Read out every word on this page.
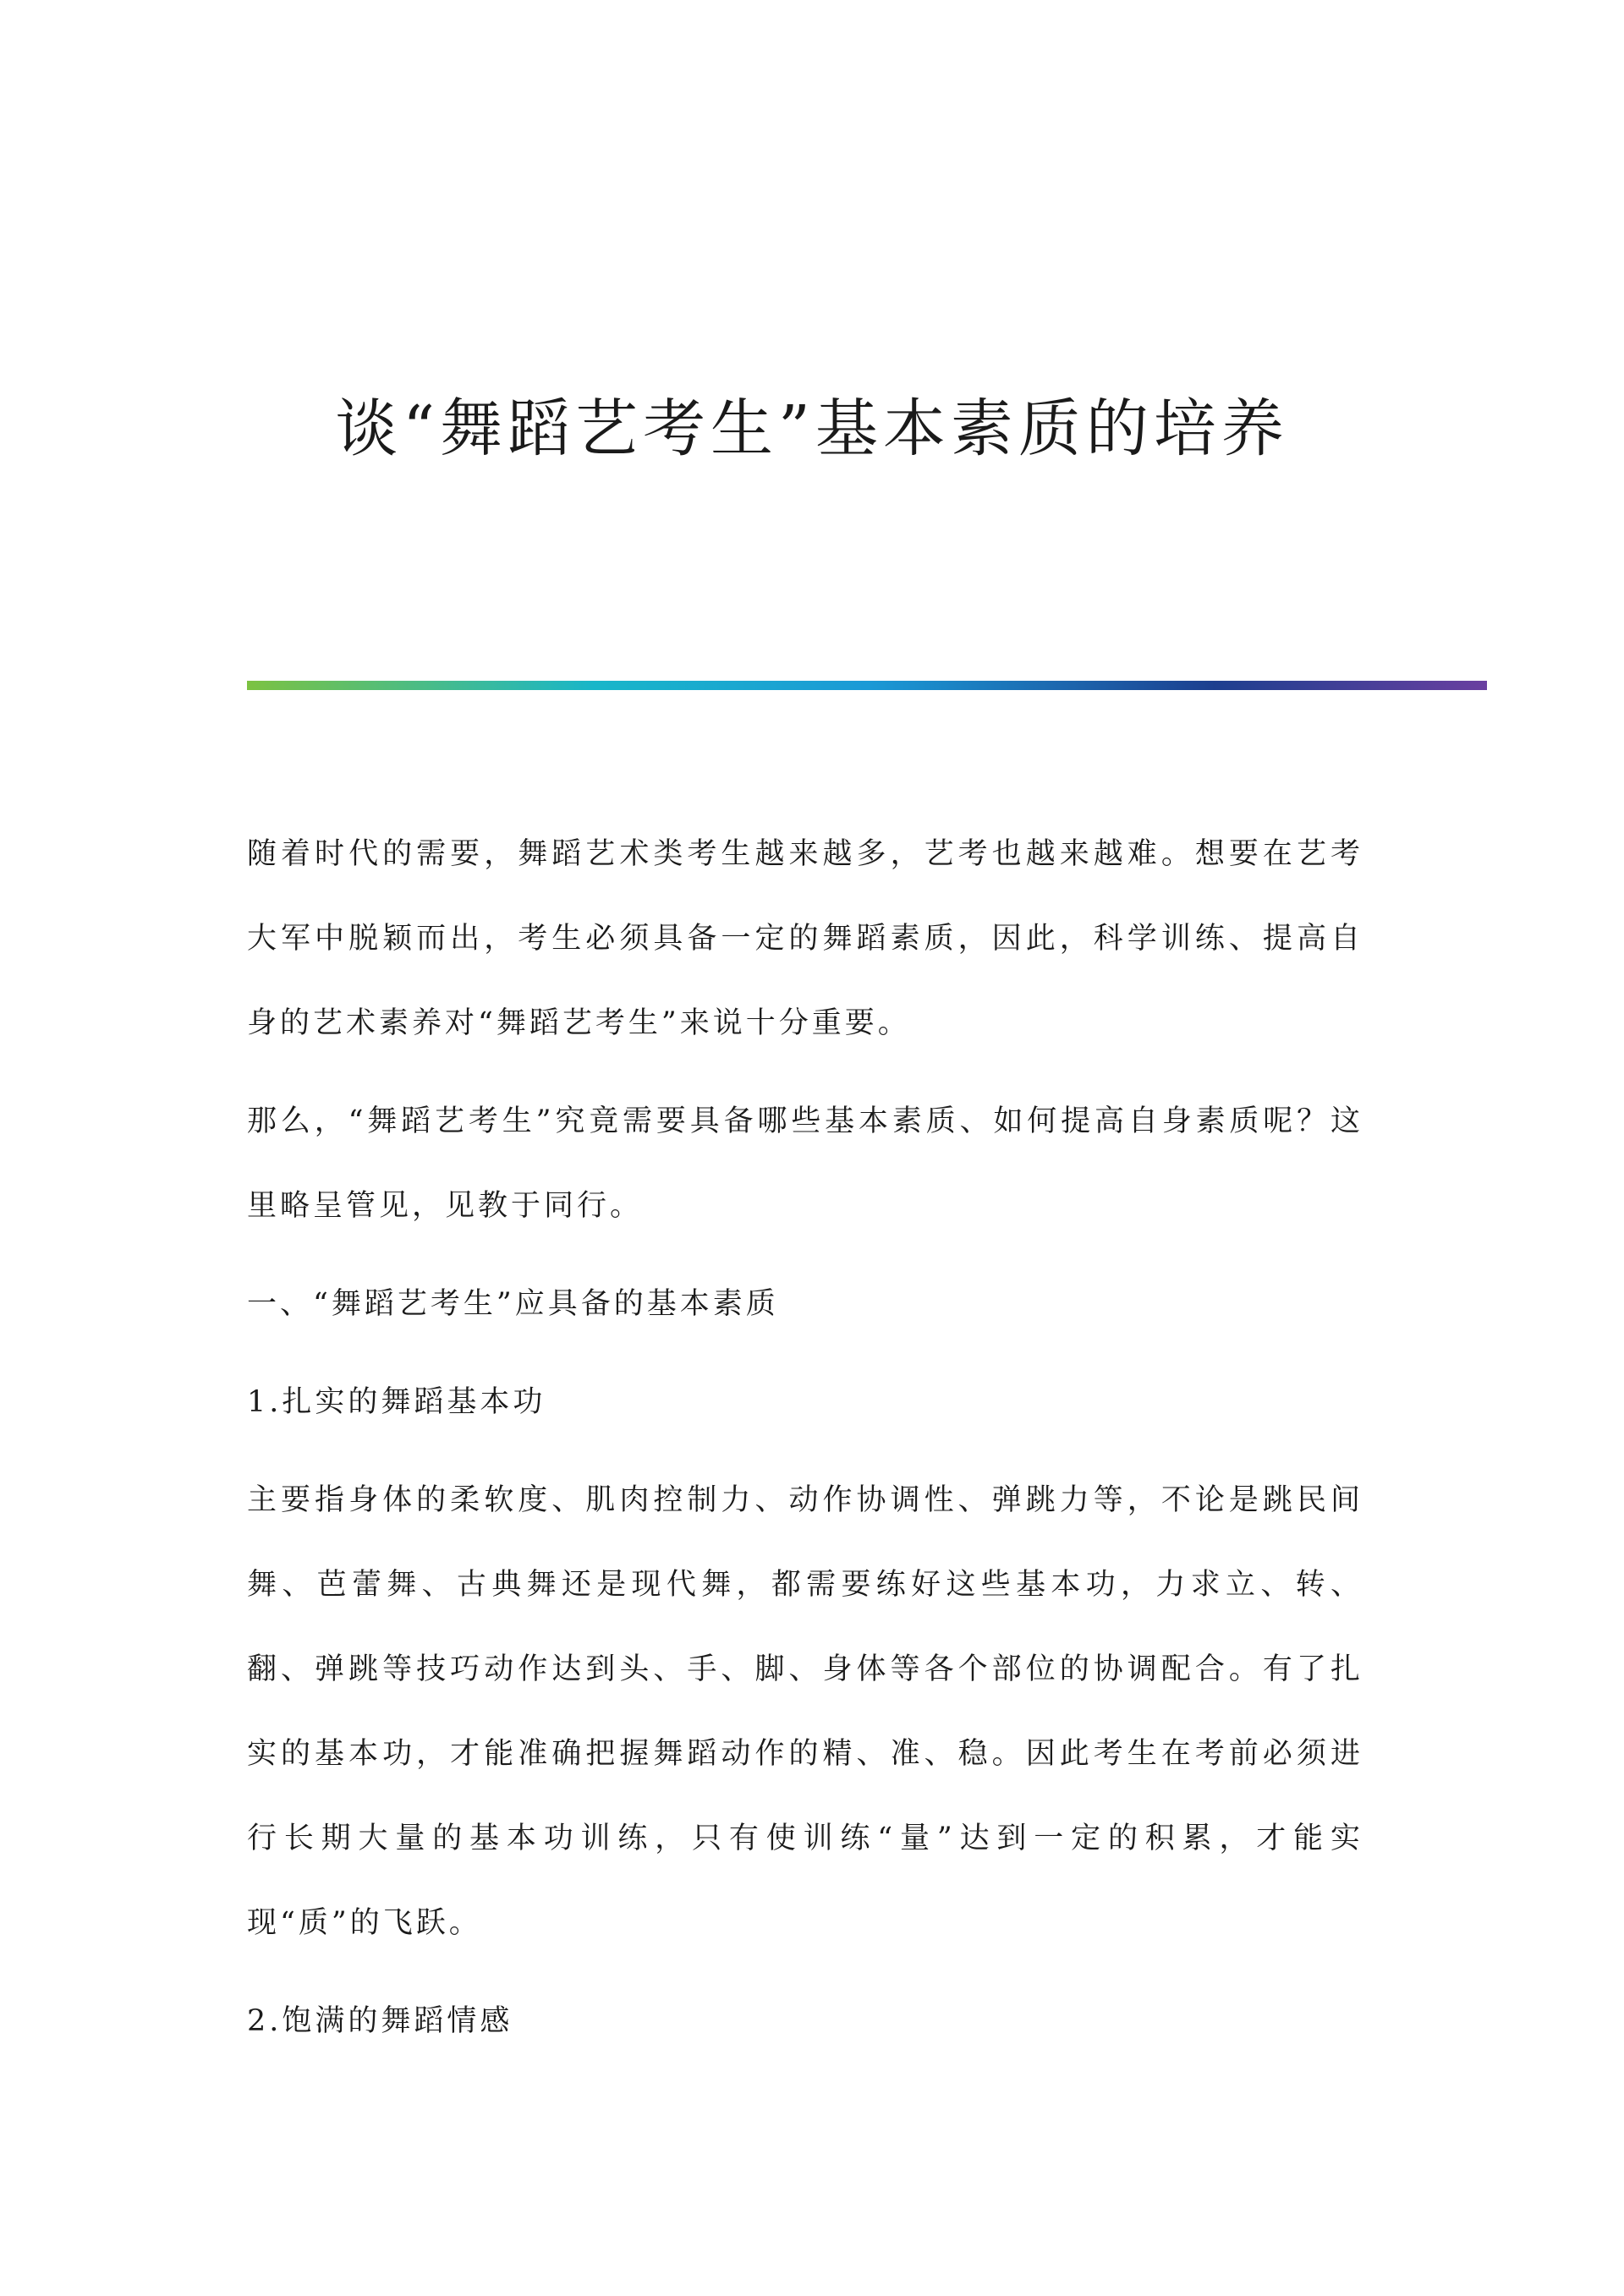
谈“舞蹈艺考生”基本素质的培养

随着时代的需要，舞蹈艺术类考生越来越多，艺考也越来越难。想要在艺考大军中脱颖而出，考生必须具备一定的舞蹈素质，因此，科学训练、提高自身的艺术素养对“舞蹈艺考生”来说十分重要。

那么，“舞蹈艺考生”究竟需要具备哪些基本素质、如何提高自身素质呢？这里略呈管见，见教于同行。

一、“舞蹈艺考生”应具备的基本素质

1.扎实的舞蹈基本功

主要指身体的柔软度、肌肉控制力、动作协调性、弹跳力等，不论是跳民间舞、芭蕾舞、古典舞还是现代舞，都需要练好这些基本功，力求立、转、翻、弹跳等技巧动作达到头、手、脚、身体等各个部位的协调配合。有了扎实的基本功，才能准确把握舞蹈动作的精、准、稳。因此考生在考前必须进行长期大量的基本功训练，只有使训练“量”达到一定的积累，才能实现“质”的飞跃。

2.饱满的舞蹈情感
